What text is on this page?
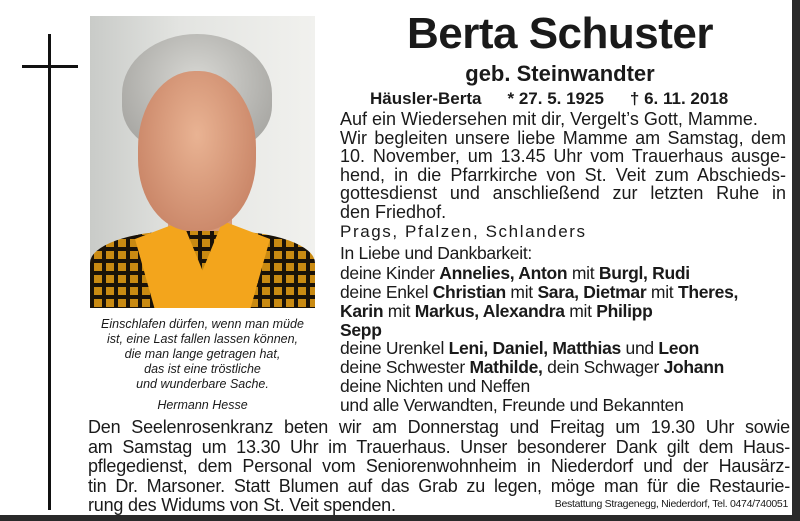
Berta Schuster
geb. Steinwandter
Häusler-Berta * 27. 5. 1925 † 6. 11. 2018
Auf ein Wiedersehen mit dir, Vergelt’s Gott, Mamme.
Wir begleiten unsere liebe Mamme am Samstag, dem
10. November, um 13.45 Uhr vom Trauerhaus ausge-
hend, in die Pfarrkirche von St. Veit zum Abschieds-
gottesdienst und anschließend zur letzten Ruhe in
den Friedhof.
Prags, Pfalzen, Schlanders
In Liebe und Dankbarkeit:
deine Kinder Annelies, Anton mit Burgl, Rudi
deine Enkel Christian mit Sara, Dietmar mit Theres,
Karin mit Markus, Alexandra mit Philipp
Sepp
deine Urenkel Leni, Daniel, Matthias und Leon
deine Schwester Mathilde, dein Schwager Johann
deine Nichten und Neffen
und alle Verwandten, Freunde und Bekannten
Einschlafen dürfen, wenn man müde
ist, eine Last fallen lassen können,
die man lange getragen hat,
das ist eine tröstliche
und wunderbare Sache.
Hermann Hesse
Den Seelenrosenkranz beten wir am Donnerstag und Freitag um 19.30 Uhr sowie
am Samstag um 13.30 Uhr im Trauerhaus. Unser besonderer Dank gilt dem Haus-
pflegedienst, dem Personal vom Seniorenwohnheim in Niederdorf und der Hausärz-
tin Dr. Marsoner. Statt Blumen auf das Grab zu legen, möge man für die Restaurie-
rung des Widums von St. Veit spenden.	Bestattung Stragenegg, Niederdorf, Tel. 0474/740051
